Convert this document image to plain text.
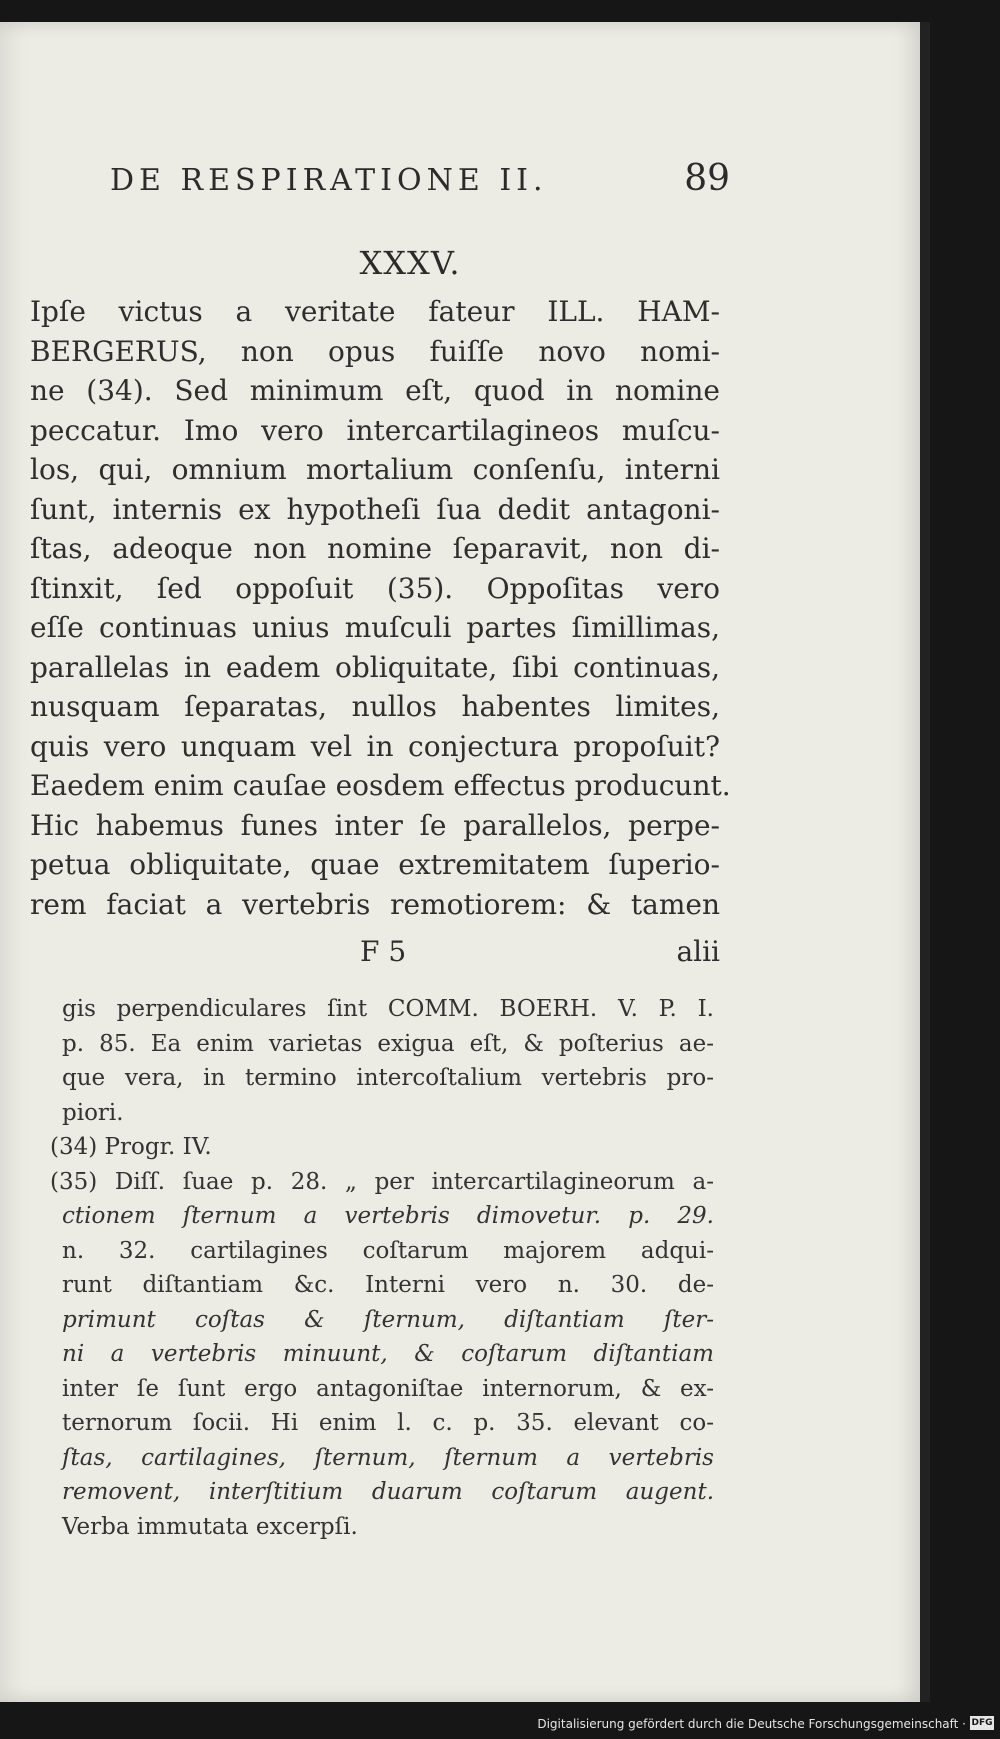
DE RESPIRATIONE II.	89
XXXV.
Ipſe victus a veritate fateur ILL. HAM-
BERGERUS, non opus fuiſſe novo nomi-
ne (34). Sed minimum eſt, quod in nomine
peccatur. Imo vero intercartilagineos muſcu-
los, qui, omnium mortalium conſenſu, interni
ſunt, internis ex hypotheſi ſua dedit antagoni-
ſtas, adeoque non nomine ſeparavit, non di-
ſtinxit, ſed oppoſuit (35). Oppoſitas vero
eſſe continuas unius muſculi partes ſimillimas,
parallelas in eadem obliquitate, ſibi continuas,
nusquam ſeparatas, nullos habentes limites,
quis vero unquam vel in conjectura propoſuit?
Eaedem enim cauſae eosdem effectus producunt.
Hic habemus funes inter ſe parallelos, perpe-
petua obliquitate, quae extremitatem ſuperio-
rem faciat a vertebris remotiorem: & tamen
F 5	alii
gis perpendiculares ſint COMM. BOERH. V. P. I.
p. 85. Ea enim varietas exigua eſt, & poſterius ae-
que vera, in termino intercoſtalium vertebris pro-
piori.
(34) Progr. IV.
(35) Diſſ. ſuae p. 28. „ per intercartilagineorum a-
ctionem ſternum a vertebris dimovetur. p. 29.
n. 32. cartilagines coſtarum majorem adqui-
runt diſtantiam &c. Interni vero n. 30. de-
primunt coſtas & ſternum, diſtantiam ſter-
ni a vertebris minuunt, & coſtarum diſtantiam
inter ſe ſunt ergo antagoniſtae internorum, & ex-
ternorum ſocii. Hi enim l. c. p. 35. elevant co-
ſtas, cartilagines, ſternum, ſternum a vertebris
removent, interſtitium duarum coſtarum augent.
Verba immutata excerpſi.
Digitalisierung gefördert durch die Deutsche Forschungsgemeinschaft · DFG
